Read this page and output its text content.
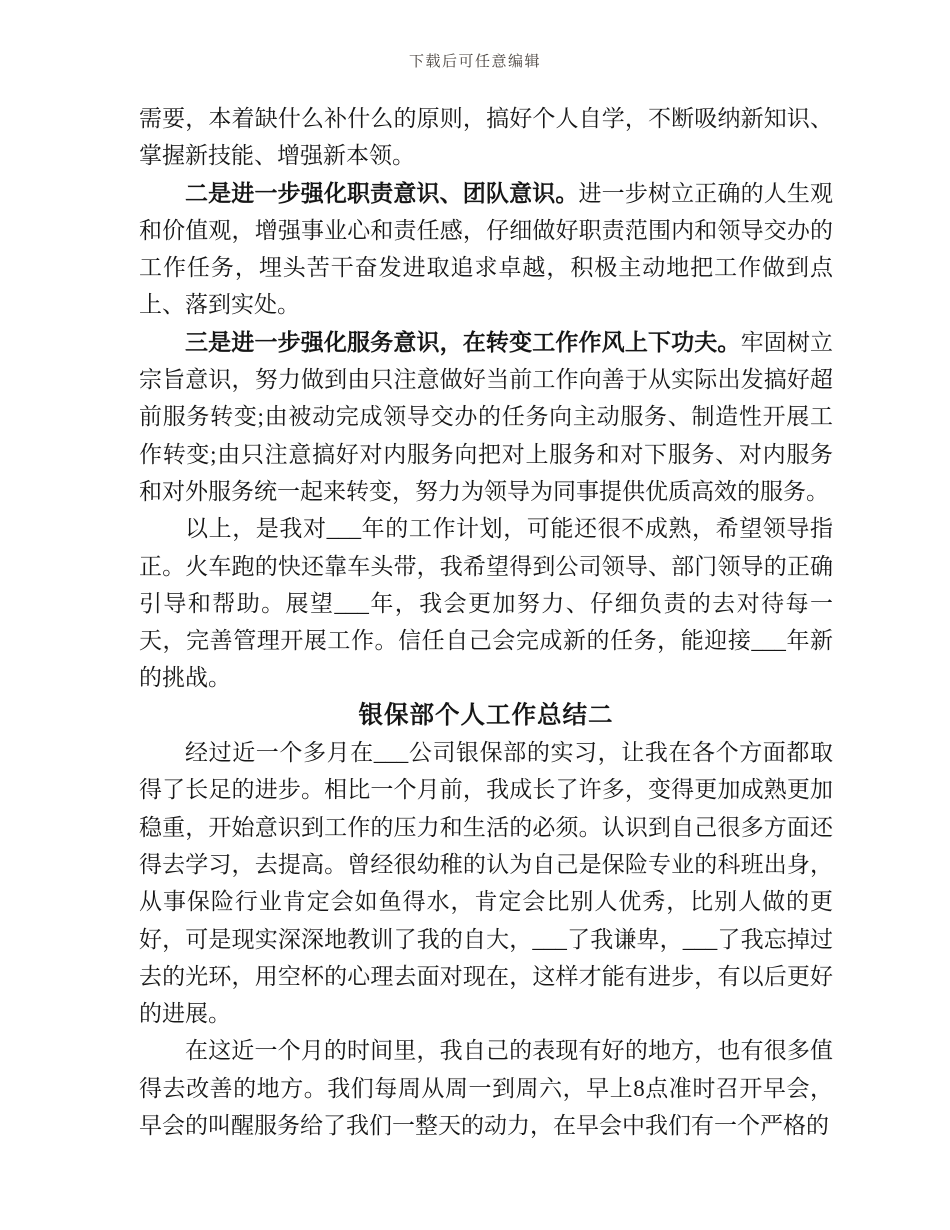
下载后可任意编辑

需要，本着缺什么补什么的原则，搞好个人自学，不断吸纳新知识、掌握新技能、增强新本领。

二是进一步强化职责意识、团队意识。进一步树立正确的人生观和价值观，增强事业心和责任感，仔细做好职责范围内和领导交办的工作任务，埋头苦干奋发进取追求卓越，积极主动地把工作做到点上、落到实处。

三是进一步强化服务意识，在转变工作作风上下功夫。牢固树立宗旨意识，努力做到由只注意做好当前工作向善于从实际出发搞好超前服务转变;由被动完成领导交办的任务向主动服务、制造性开展工作转变;由只注意搞好对内服务向把对上服务和对下服务、对内服务和对外服务统一起来转变，努力为领导为同事提供优质高效的服务。

以上，是我对___年的工作计划，可能还很不成熟，希望领导指正。火车跑的快还靠车头带，我希望得到公司领导、部门领导的正确引导和帮助。展望___年，我会更加努力、仔细负责的去对待每一天，完善管理开展工作。信任自己会完成新的任务，能迎接___年新的挑战。

银保部个人工作总结二

经过近一个多月在___公司银保部的实习，让我在各个方面都取得了长足的进步。相比一个月前，我成长了许多，变得更加成熟更加稳重，开始意识到工作的压力和生活的必须。认识到自己很多方面还得去学习，去提高。曾经很幼稚的认为自己是保险专业的科班出身，从事保险行业肯定会如鱼得水，肯定会比别人优秀，比别人做的更好，可是现实深深地教训了我的自大，___了我谦卑，___了我忘掉过去的光环，用空杯的心理去面对现在，这样才能有进步，有以后更好的进展。

在这近一个月的时间里，我自己的表现有好的地方，也有很多值得去改善的地方。我们每周从周一到周六，早上8点准时召开早会，早会的叫醒服务给了我们一整天的动力，在早会中我们有一个严格的
